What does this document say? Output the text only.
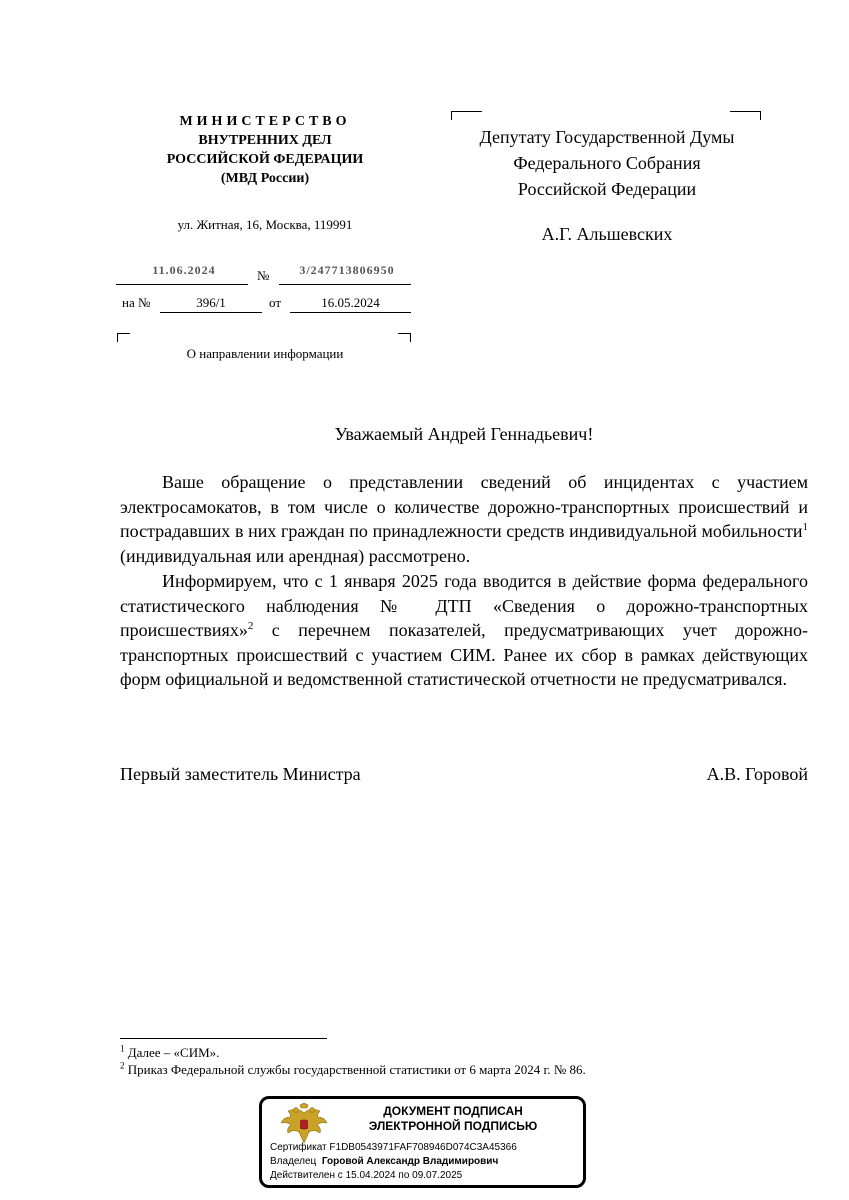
МИНИСТЕРСТВО
ВНУТРЕННИХ ДЕЛ
РОССИЙСКОЙ ФЕДЕРАЦИИ
(МВД России)
ул. Житная, 16, Москва, 119991
11.06.2024	№	3/247713806950
на №	396/1	от	16.05.2024
О направлении информации
Депутату Государственной Думы
Федерального Собрания
Российской Федерации
А.Г. Альшевских
Уважаемый Андрей Геннадьевич!

Ваше обращение о представлении сведений об инцидентах с участием электросамокатов, в том числе о количестве дорожно-транспортных происшествий и пострадавших в них граждан по принадлежности средств индивидуальной мобильности$^1$ (индивидуальная или арендная) рассмотрено.

Информируем, что с 1 января 2025 года вводится в действие форма федерального статистического наблюдения № ДТП «Сведения о дорожно-транспортных происшествиях»$^2$ с перечнем показателей, предусматривающих учет дорожно-транспортных происшествий с участием СИМ. Ранее их сбор в рамках действующих форм официальной и ведомственной статистической отчетности не предусматривался.

Первый заместитель Министра	А.В. Горовой
$^1$ Далее – «СИМ».
$^2$ Приказ Федеральной службы государственной статистики от 6 марта 2024 г. № 86.
ДОКУМЕНТ ПОДПИСАН
ЭЛЕКТРОННОЙ ПОДПИСЬЮ
Сертификат F1DB0543971FAF708946D074C3A45366
Владелец Горовой Александр Владимирович
Действителен с 15.04.2024 по 09.07.2025
